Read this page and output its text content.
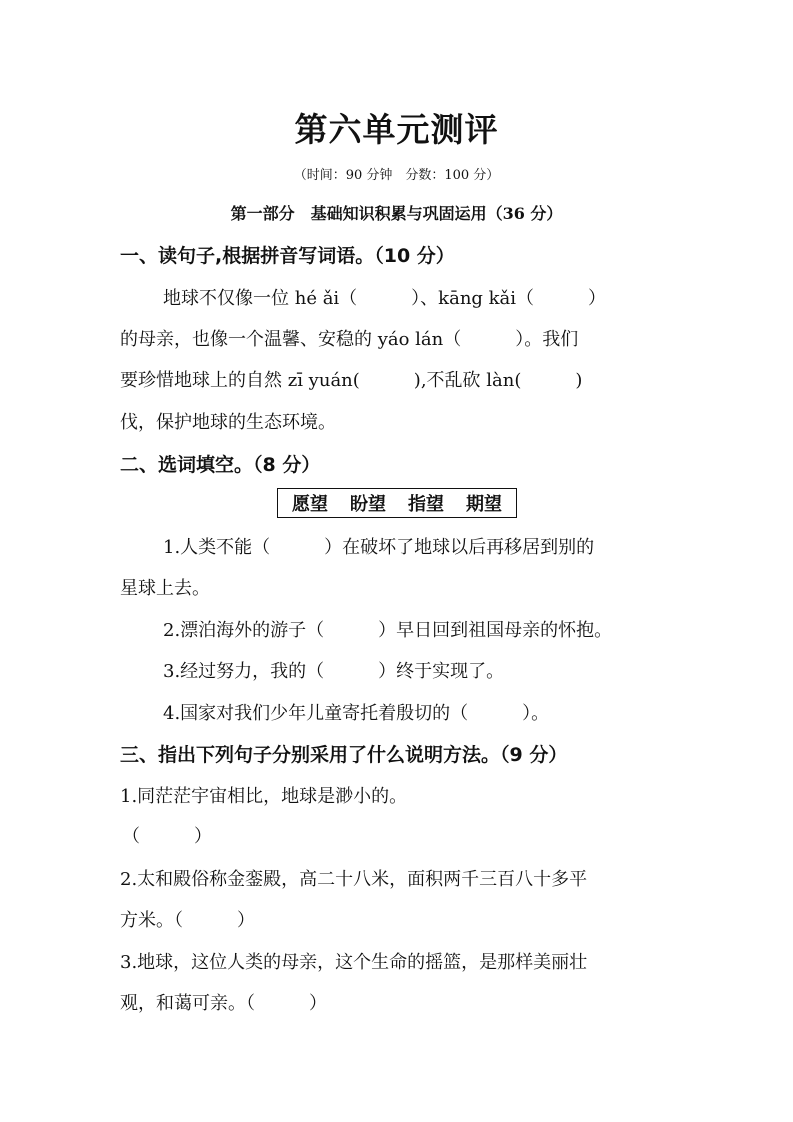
第六单元测评
（时间：90 分钟　分数：100 分）
第一部分　基础知识积累与巩固运用（36 分）
一、读句子,根据拼音写词语。（10 分）
地球不仅像一位 hé ǎi（　　　）、kāng kǎi（　　　）
的母亲，也像一个温馨、安稳的 yáo lán（　　　）。我们
要珍惜地球上的自然 zī yuán(　　　),不乱砍 làn(　　　)
伐，保护地球的生态环境。
二、选词填空。（8 分）
愿望 盼望 指望 期望
1.人类不能（　　　）在破坏了地球以后再移居到别的
星球上去。
2.漂泊海外的游子（　　　）早日回到祖国母亲的怀抱。
3.经过努力，我的（　　　）终于实现了。
4.国家对我们少年儿童寄托着殷切的（　　　）。
三、指出下列句子分别采用了什么说明方法。（9 分）
1.同茫茫宇宙相比，地球是渺小的。
（　　　）
2.太和殿俗称金銮殿，高二十八米，面积两千三百八十多平
方米。（　　　）
3.地球，这位人类的母亲，这个生命的摇篮，是那样美丽壮
观，和蔼可亲。（　　　）
